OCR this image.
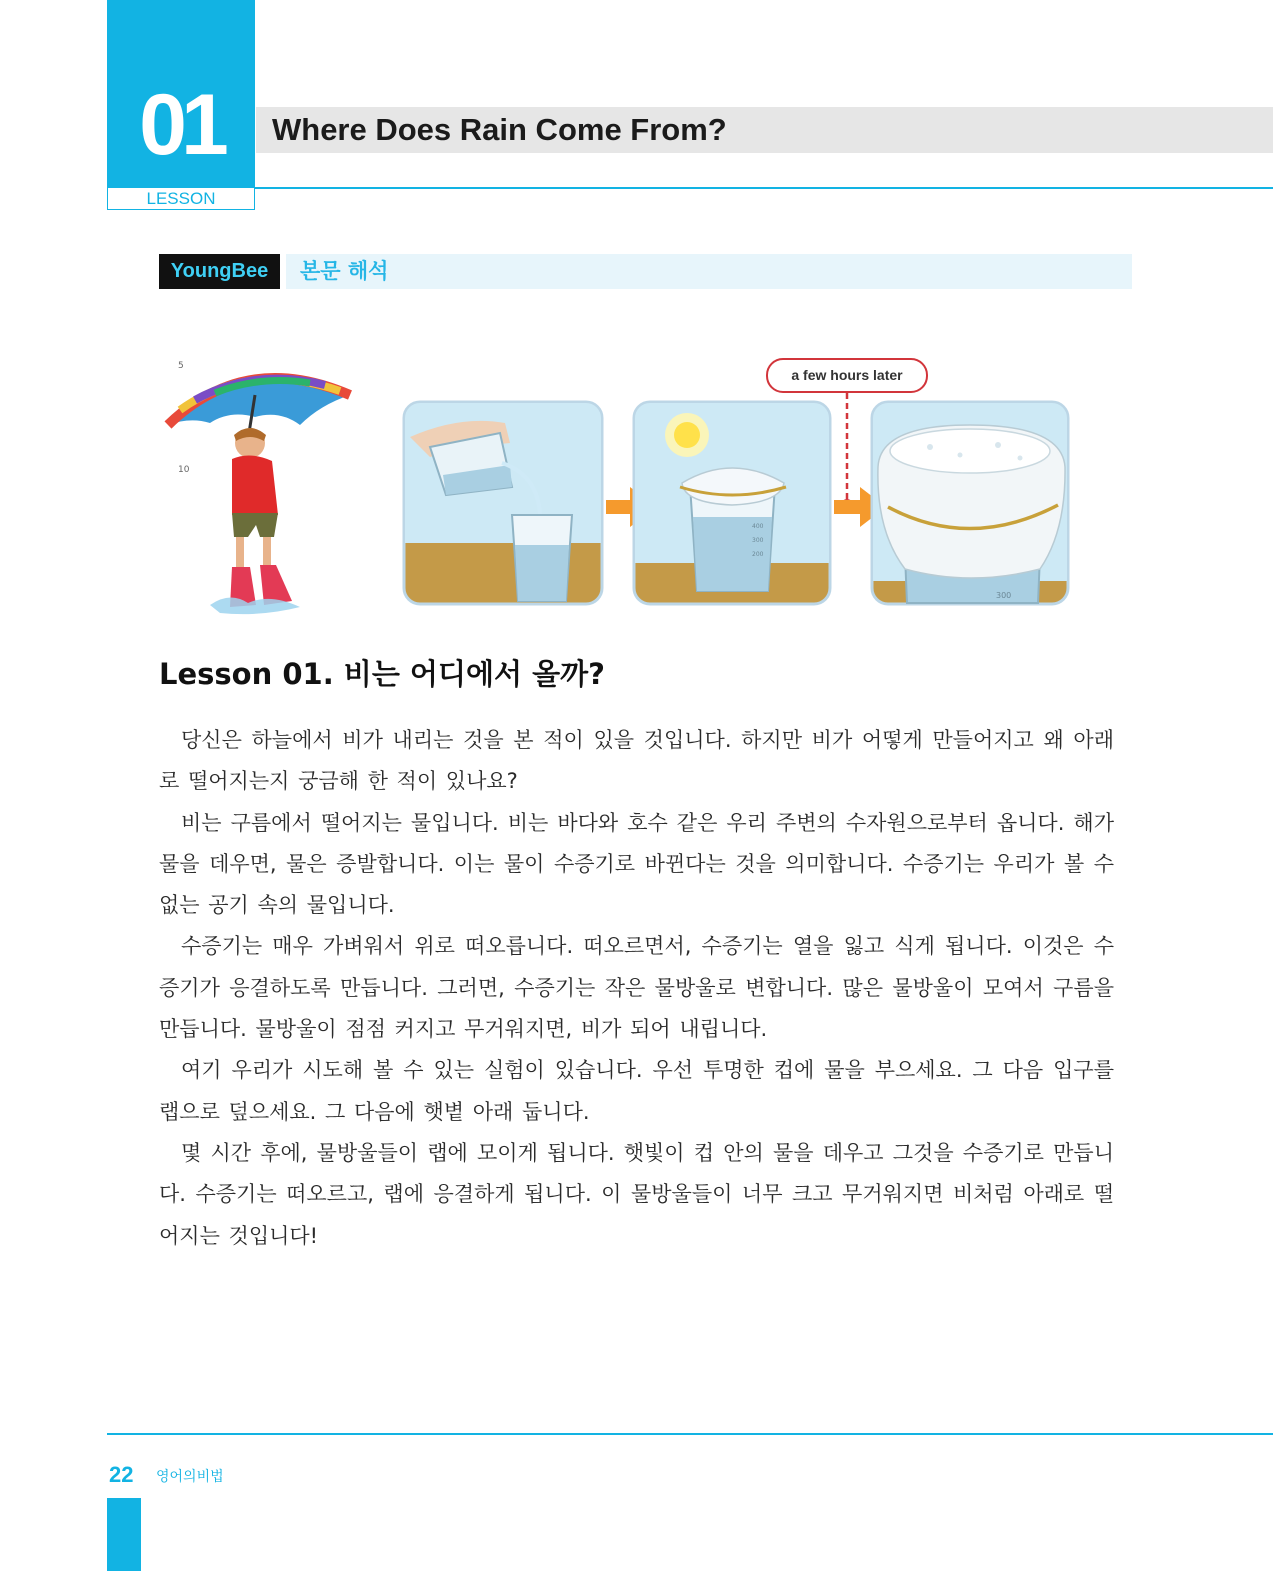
01
LESSON
Where Does Rain Come From?
YoungBee	본문 해석
5
10
400
300
200
a few hours later
300
Lesson 01. 비는 어디에서 올까?

당신은 하늘에서 비가 내리는 것을 본 적이 있을 것입니다. 하지만 비가 어떻게 만들어지고 왜 아래로 떨어지는지 궁금해 한 적이 있나요?

비는 구름에서 떨어지는 물입니다. 비는 바다와 호수 같은 우리 주변의 수자원으로부터 옵니다. 해가 물을 데우면, 물은 증발합니다. 이는 물이 수증기로 바뀐다는 것을 의미합니다. 수증기는 우리가 볼 수 없는 공기 속의 물입니다.

수증기는 매우 가벼워서 위로 떠오릅니다. 떠오르면서, 수증기는 열을 잃고 식게 됩니다. 이것은 수증기가 응결하도록 만듭니다. 그러면, 수증기는 작은 물방울로 변합니다. 많은 물방울이 모여서 구름을 만듭니다. 물방울이 점점 커지고 무거워지면, 비가 되어 내립니다.

여기 우리가 시도해 볼 수 있는 실험이 있습니다. 우선 투명한 컵에 물을 부으세요. 그 다음 입구를 랩으로 덮으세요. 그 다음에 햇볕 아래 둡니다.

몇 시간 후에, 물방울들이 랩에 모이게 됩니다. 햇빛이 컵 안의 물을 데우고 그것을 수증기로 만듭니다. 수증기는 떠오르고, 랩에 응결하게 됩니다. 이 물방울들이 너무 크고 무거워지면 비처럼 아래로 떨어지는 것입니다!

22 영어의비법
